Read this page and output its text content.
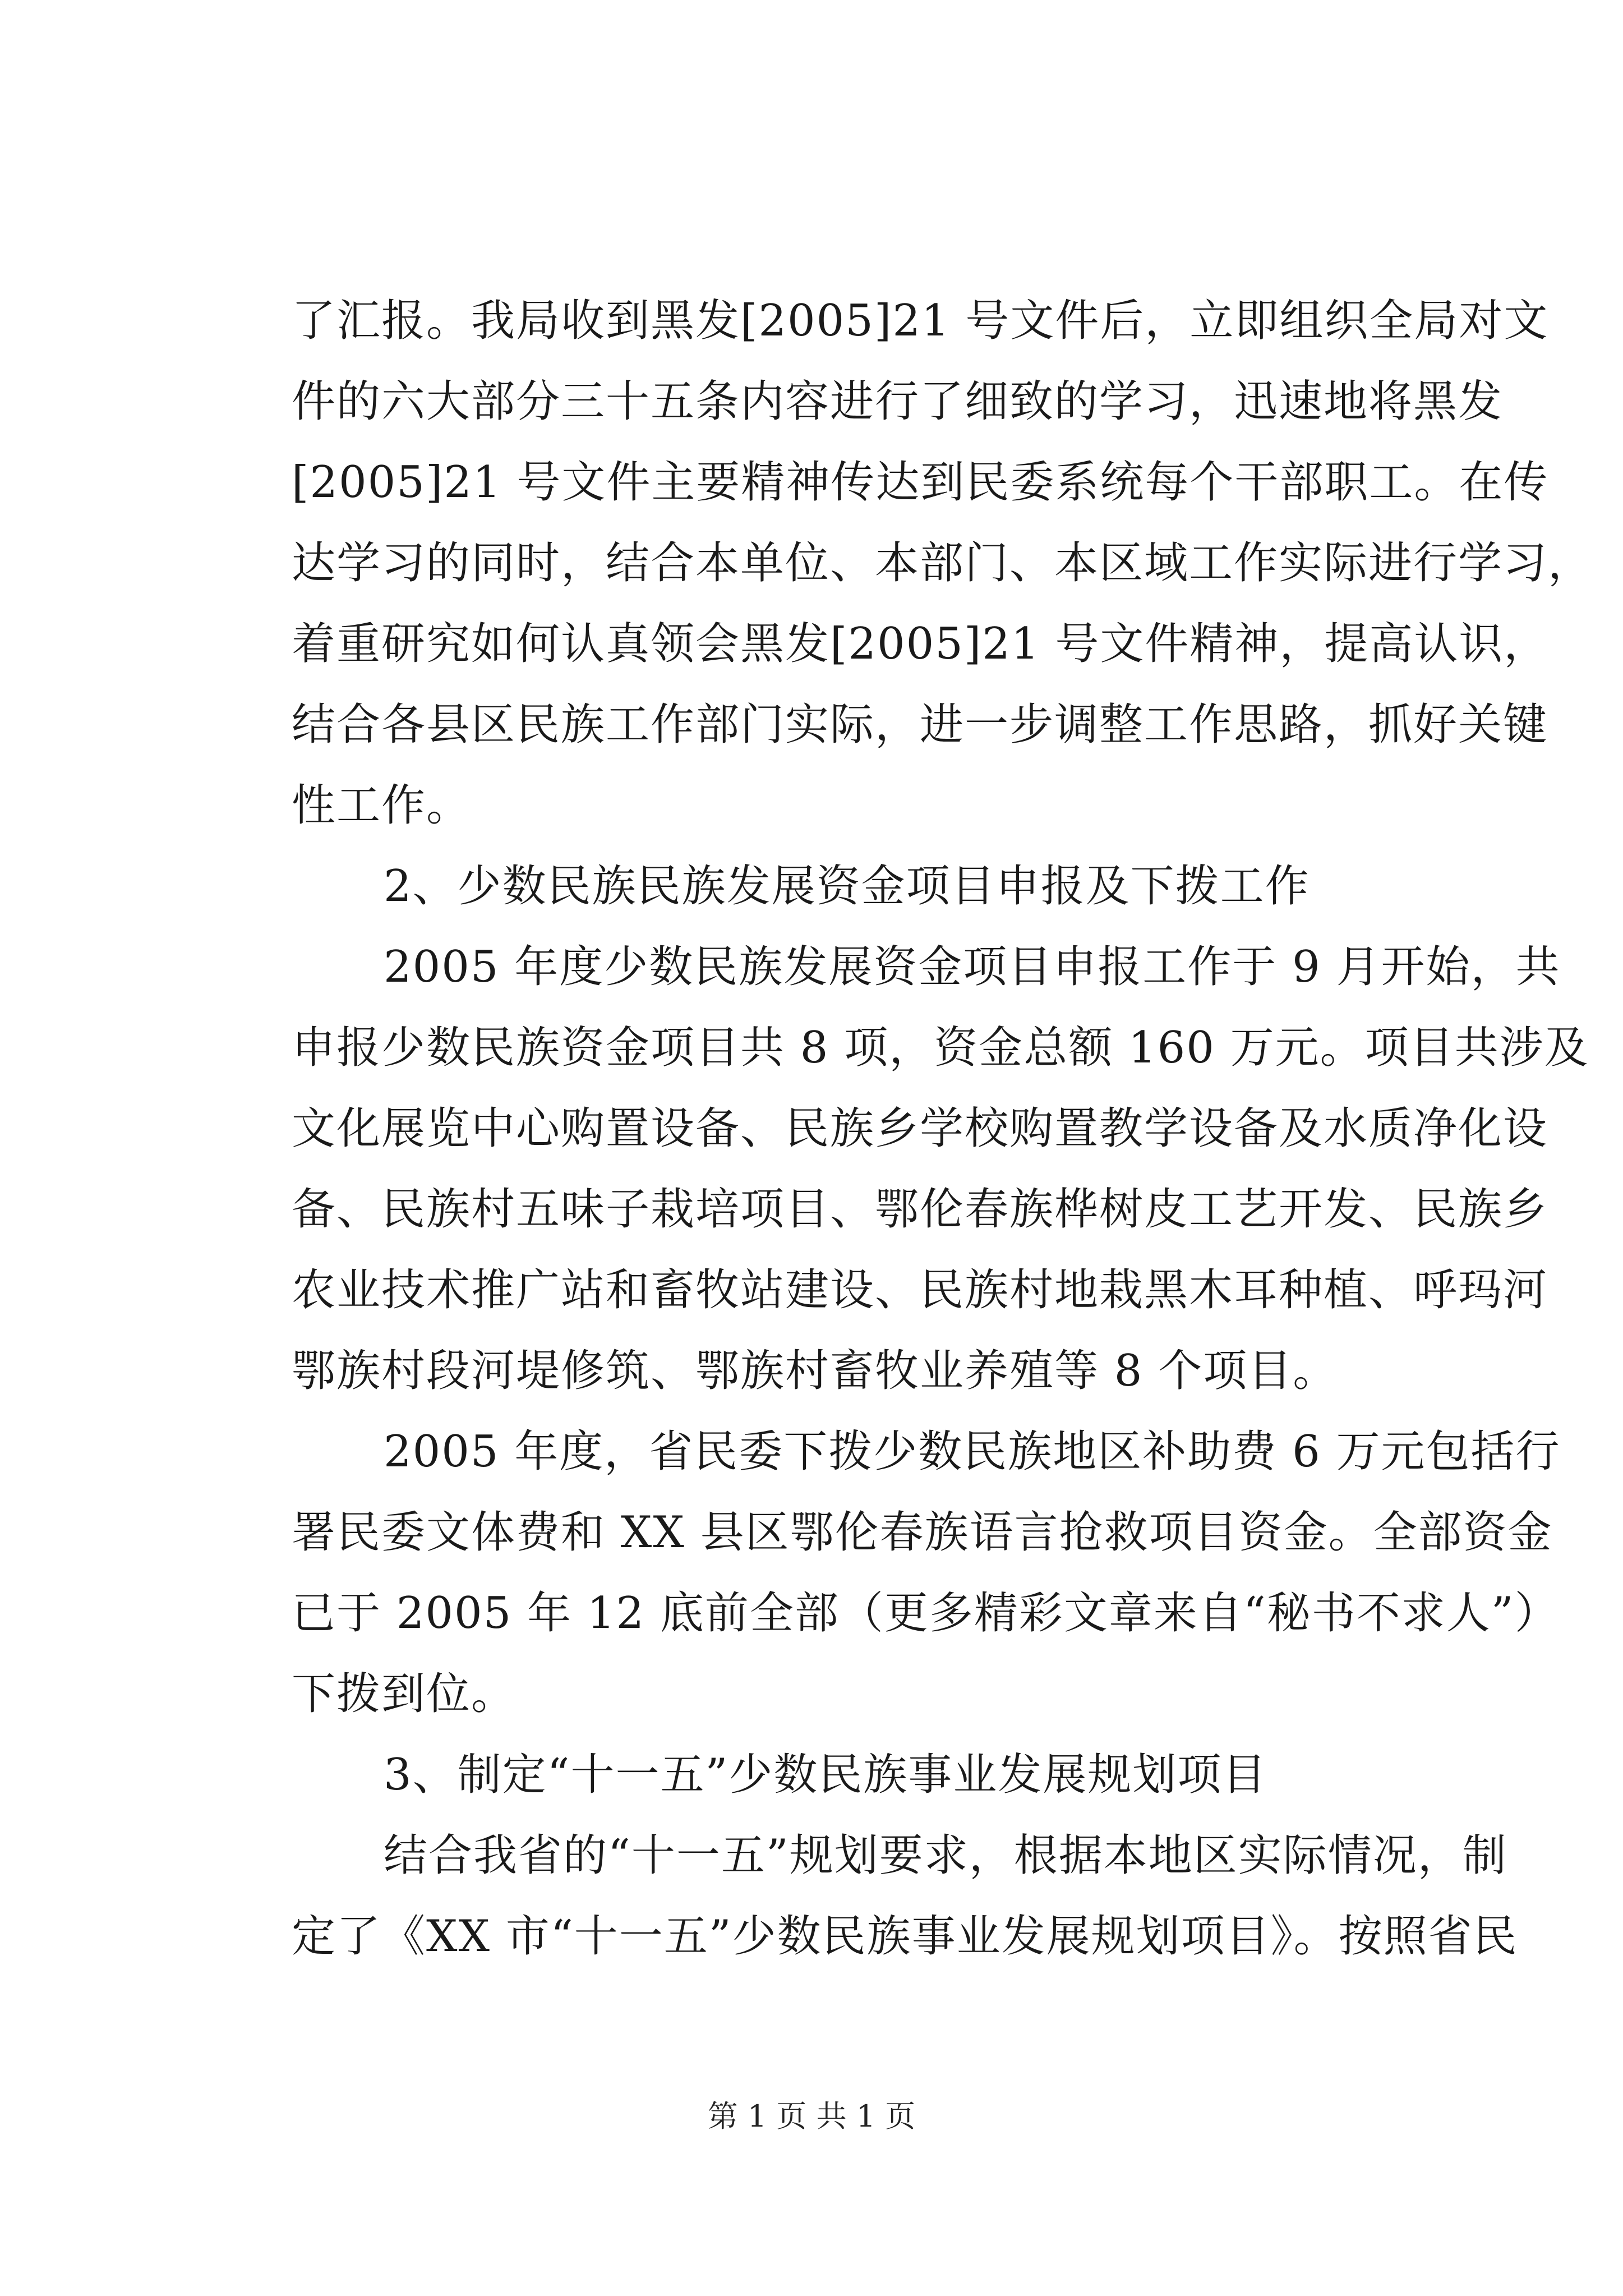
了汇报。我局收到黑发[2005]21 号文件后，立即组织全局对文
件的六大部分三十五条内容进行了细致的学习，迅速地将黑发
[2005]21 号文件主要精神传达到民委系统每个干部职工。在传
达学习的同时，结合本单位、本部门、本区域工作实际进行学习，
着重研究如何认真领会黑发[2005]21 号文件精神，提高认识，
结合各县区民族工作部门实际，进一步调整工作思路，抓好关键
性工作。
2、少数民族民族发展资金项目申报及下拨工作
2005 年度少数民族发展资金项目申报工作于 9 月开始，共
申报少数民族资金项目共 8 项，资金总额 160 万元。项目共涉及
文化展览中心购置设备、民族乡学校购置教学设备及水质净化设
备、民族村五味子栽培项目、鄂伦春族桦树皮工艺开发、民族乡
农业技术推广站和畜牧站建设、民族村地栽黑木耳种植、呼玛河
鄂族村段河堤修筑、鄂族村畜牧业养殖等 8 个项目。
2005 年度，省民委下拨少数民族地区补助费 6 万元包括行
署民委文体费和 XX 县区鄂伦春族语言抢救项目资金。全部资金
已于 2005 年 12 底前全部（更多精彩文章来自“秘书不求人”）
下拨到位。
3、制定“十一五”少数民族事业发展规划项目
结合我省的“十一五”规划要求，根据本地区实际情况，制
定了《XX 市“十一五”少数民族事业发展规划项目》。按照省民
第 1 页 共 1 页
